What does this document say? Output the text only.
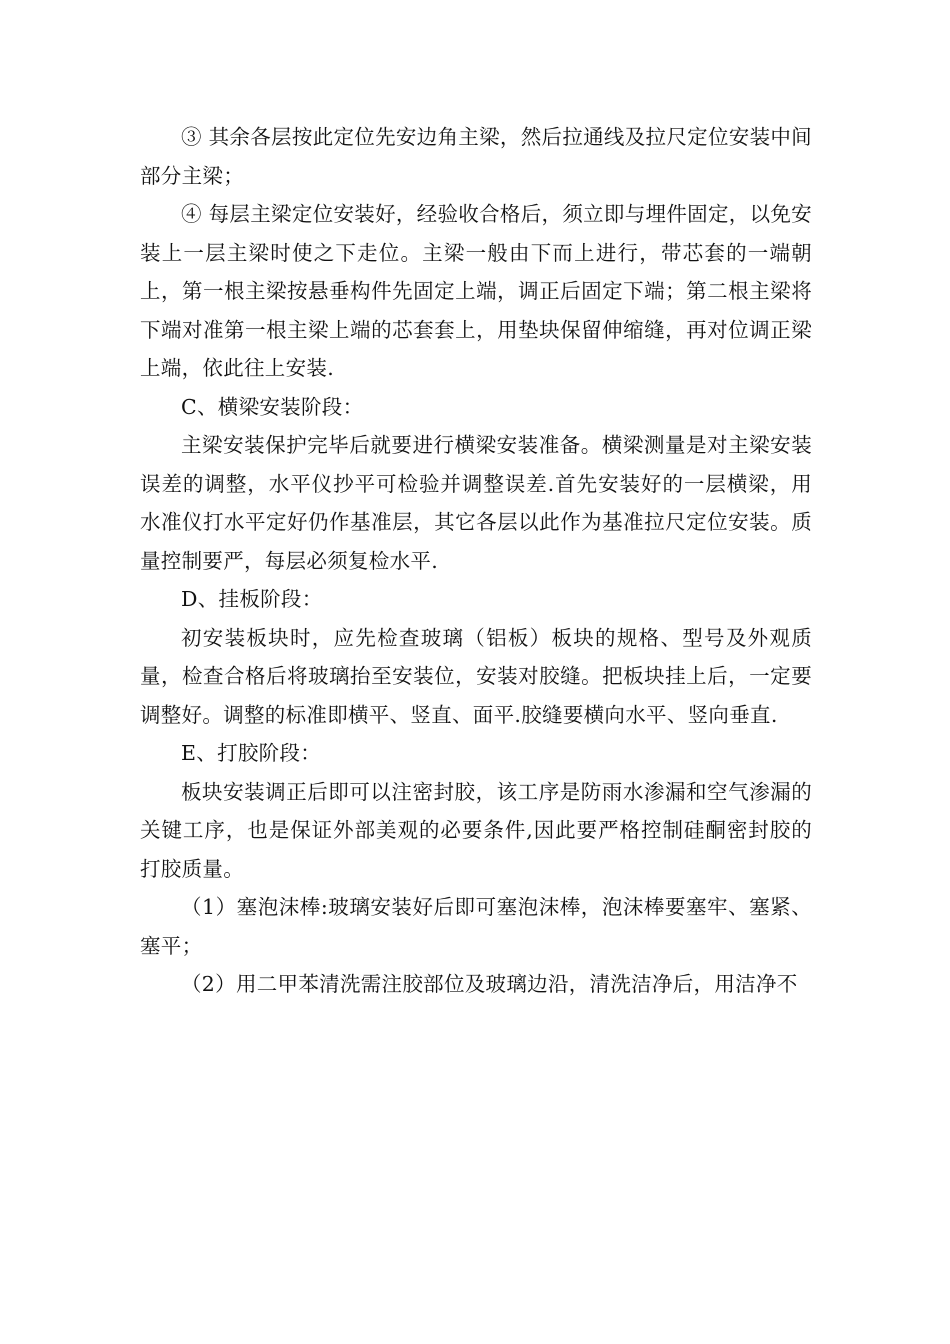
③ 其余各层按此定位先安边角主梁，然后拉通线及拉尺定位安装中间部分主梁；

④ 每层主梁定位安装好，经验收合格后，须立即与埋件固定，以免安装上一层主梁时使之下走位。主梁一般由下而上进行，带芯套的一端朝上，第一根主梁按悬垂构件先固定上端，调正后固定下端；第二根主梁将下端对准第一根主梁上端的芯套套上，用垫块保留伸缩缝，再对位调正梁上端，依此往上安装.

C、横梁安装阶段：

主梁安装保护完毕后就要进行横梁安装准备。横梁测量是对主梁安装误差的调整，水平仪抄平可检验并调整误差.首先安装好的一层横梁，用水准仪打水平定好仍作基准层，其它各层以此作为基准拉尺定位安装。质量控制要严，每层必须复检水平.

D、挂板阶段：

初安装板块时，应先检查玻璃（铝板）板块的规格、型号及外观质量，检查合格后将玻璃抬至安装位，安装对胶缝。把板块挂上后，一定要调整好。调整的标准即横平、竖直、面平.胶缝要横向水平、竖向垂直.

E、打胶阶段：

板块安装调正后即可以注密封胶，该工序是防雨水渗漏和空气渗漏的关键工序，也是保证外部美观的必要条件,因此要严格控制硅酮密封胶的打胶质量。

（1）塞泡沫棒:玻璃安装好后即可塞泡沫棒，泡沫棒要塞牢、塞紧、塞平；

（2）用二甲苯清洗需注胶部位及玻璃边沿，清洗洁净后，用洁净不
